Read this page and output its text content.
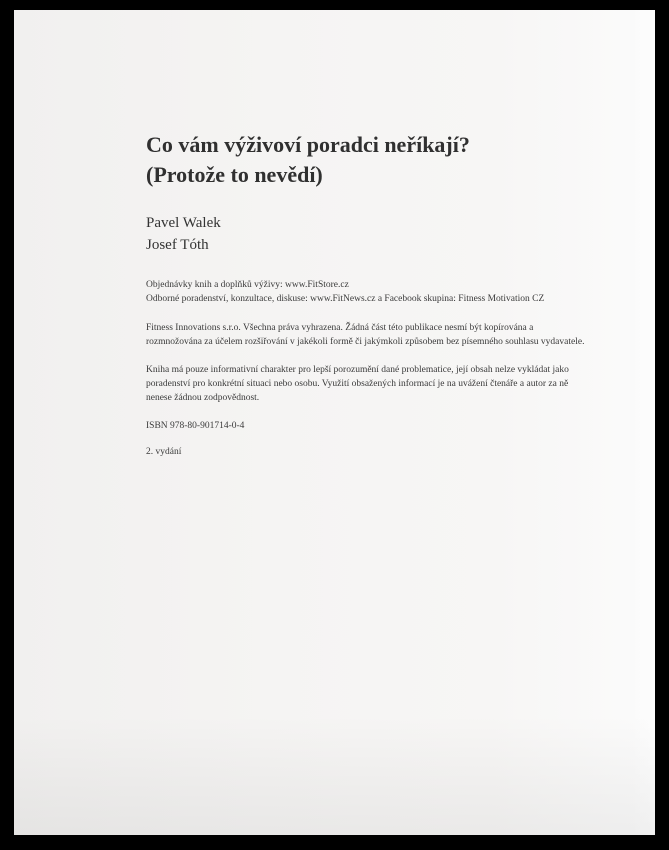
Co vám výživoví poradci neříkají?
(Protože to nevědí)
Pavel Walek
Josef Tóth
Objednávky knih a doplňků výživy: www.FitStore.cz
Odborné poradenství, konzultace, diskuse: www.FitNews.cz a Facebook skupina: Fitness Motivation CZ
Fitness Innovations s.r.o. Všechna práva vyhrazena. Žádná část této publikace nesmí být kopírována a rozmnožována za účelem rozšiřování v jakékoli formě či jakýmkoli způsobem bez písemného souhlasu vydavatele.
Kniha má pouze informativní charakter pro lepší porozumění dané problematice, její obsah nelze vykládat jako poradenství pro konkrétní situaci nebo osobu. Využití obsažených informací je na uvážení čtenáře a autor za ně nenese žádnou zodpovědnost.
ISBN 978-80-901714-0-4
2. vydání
